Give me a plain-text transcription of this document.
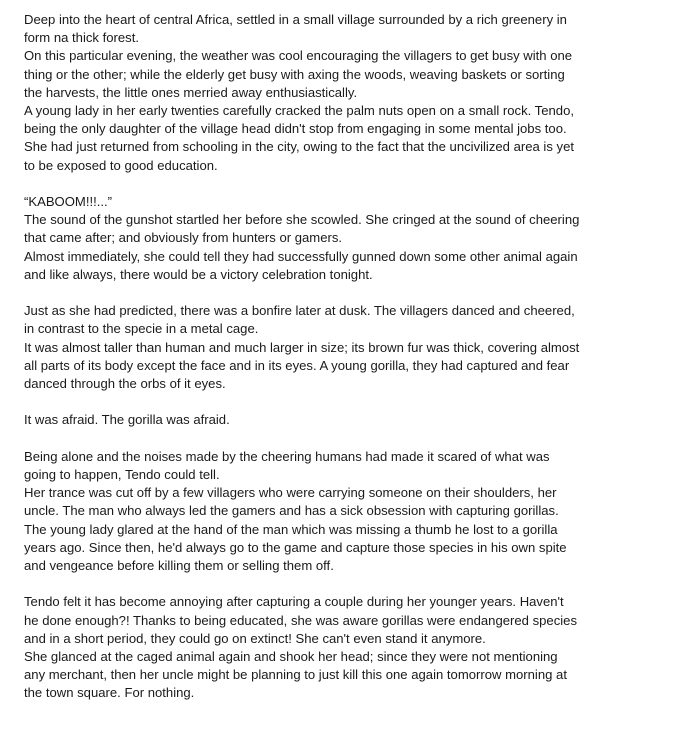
Deep into the heart of central Africa, settled in a small village surrounded by a rich greenery in
form na thick forest.

On this particular evening, the weather was cool encouraging the villagers to get busy with one
thing or the other; while the elderly get busy with axing the woods, weaving baskets or sorting
the harvests, the little ones merried away enthusiastically.

A young lady in her early twenties carefully cracked the palm nuts open on a small rock. Tendo,
being the only daughter of the village head didn't stop from engaging in some mental jobs too.
She had just returned from schooling in the city, owing to the fact that the uncivilized area is yet
to be exposed to good education.

“KABOOM!!!...”

The sound of the gunshot startled her before she scowled. She cringed at the sound of cheering
that came after; and obviously from hunters or gamers.

Almost immediately, she could tell they had successfully gunned down some other animal again
and like always, there would be a victory celebration tonight.

Just as she had predicted, there was a bonfire later at dusk. The villagers danced and cheered,
in contrast to the specie in a metal cage.

It was almost taller than human and much larger in size; its brown fur was thick, covering almost
all parts of its body except the face and in its eyes. A young gorilla, they had captured and fear
danced through the orbs of it eyes.

It was afraid. The gorilla was afraid.

Being alone and the noises made by the cheering humans had made it scared of what was
going to happen, Tendo could tell.

Her trance was cut off by a few villagers who were carrying someone on their shoulders, her
uncle. The man who always led the gamers and has a sick obsession with capturing gorillas.
The young lady glared at the hand of the man which was missing a thumb he lost to a gorilla
years ago. Since then, he'd always go to the game and capture those species in his own spite
and vengeance before killing them or selling them off.

Tendo felt it has become annoying after capturing a couple during her younger years. Haven't
he done enough?! Thanks to being educated, she was aware gorillas were endangered species
and in a short period, they could go on extinct! She can't even stand it anymore.

She glanced at the caged animal again and shook her head; since they were not mentioning
any merchant, then her uncle might be planning to just kill this one again tomorrow morning at
the town square. For nothing.
